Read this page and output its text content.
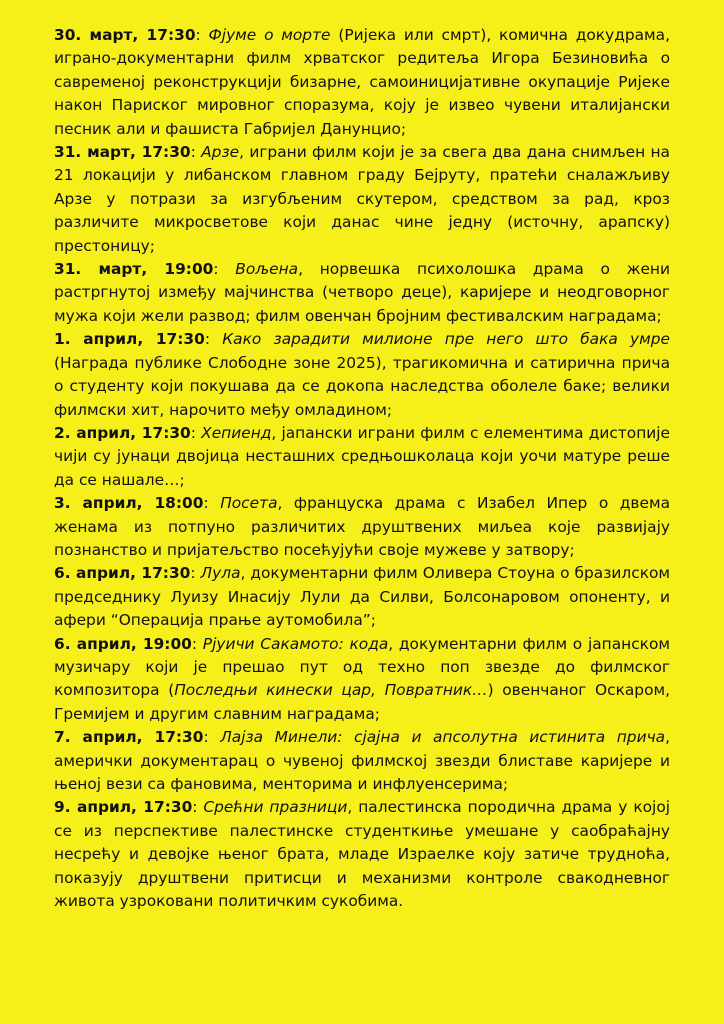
30. март, 17:30: Фјуме о морте (Ријека или смрт), комична докудрама, играно-документарни филм хрватског редитеља Игора Безиновића о савременој реконструкцији бизарне, самоиницијативне окупације Ријеке након Париског мировног споразума, коју је извео чувени италијански песник али и фашиста Габријел Данунцио;

31. март, 17:30: Арзе, играни филм који је за свега два дана снимљен на 21 локацији у либанском главном граду Бејруту, пратећи сналажљиву Арзе у потрази за изгубљеним скутером, средством за рад, кроз различите микросветове који данас чине једну (источну, арапску) престоницу;

31. март, 19:00: Вољена, норвешка психолошка драма о жени растргнутој између мајчинства (четворо деце), каријере и неодговорног мужа који жели развод; филм овенчан бројним фестивалским наградама;

1. април, 17:30: Како зарадити милионе пре него што бака умре (Награда публике Слободне зоне 2025), трагикомична и сатирична прича о студенту који покушава да се докопа наследства оболеле баке; велики филмски хит, нарочито међу омладином;

2. април, 17:30: Хепиенд, јапански играни филм с елементима дистопије чији су јунаци двојица несташних средњошколаца који уочи матуре реше да се нашале…;

3. април, 18:00: Посета, француска драма с Изабел Ипер о двема женама из потпуно различитих друштвених миљеа које развијају познанство и пријатељство посећујући своје мужеве у затвору;

6. април, 17:30: Лула, документарни филм Оливера Стоуна о бразилском председнику Луизу Инасију Лули да Силви, Болсонаровом опоненту, и афери “Операција прање аутомобила”;

6. април, 19:00: Рјуичи Сакамото: кода, документарни филм о јапанском музичару који је прешао пут од техно поп звезде до филмског композитора (Последњи кинески цар, Повратник…) овенчаног Оскаром, Гремијем и другим славним наградама;

7. април, 17:30: Лајза Минели: сјајна и апсолутна истинита прича, амерички документарац о чувеној филмској звезди блиставе каријере и њеној вези са фановима, менторима и инфлуенсерима;

9. април, 17:30: Срећни празници, палестинска породична драма у којој се из перспективе палестинске студенткиње умешане у саобраћајну несрећу и девојке њеног брата, младе Израелке коју затиче трудноћа, показују друштвени притисци и механизми контроле свакодневног живота узроковани политичким сукобима.
